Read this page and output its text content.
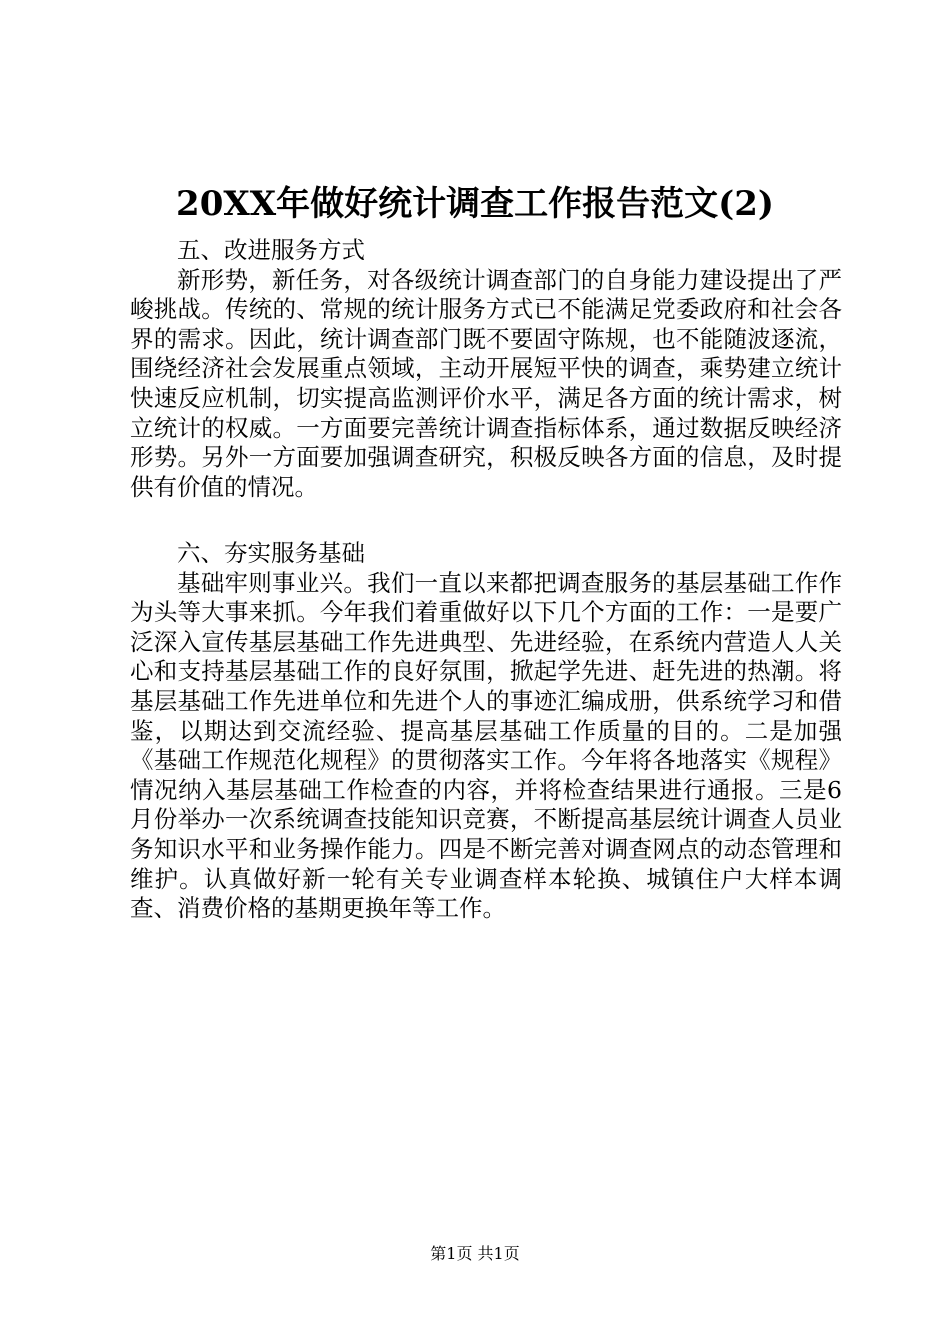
20XX年做好统计调查工作报告范文(2)

五、改进服务方式

新形势，新任务，对各级统计调查部门的自身能力建设提出了严峻挑战。传统的、常规的统计服务方式已不能满足党委政府和社会各界的需求。因此，统计调查部门既不要固守陈规，也不能随波逐流，围绕经济社会发展重点领域，主动开展短平快的调查，乘势建立统计快速反应机制，切实提高监测评价水平，满足各方面的统计需求，树立统计的权威。一方面要完善统计调查指标体系，通过数据反映经济形势。另外一方面要加强调查研究，积极反映各方面的信息，及时提供有价值的情况。

六、夯实服务基础

基础牢则事业兴。我们一直以来都把调查服务的基层基础工作作为头等大事来抓。今年我们着重做好以下几个方面的工作：一是要广泛深入宣传基层基础工作先进典型、先进经验，在系统内营造人人关心和支持基层基础工作的良好氛围，掀起学先进、赶先进的热潮。将基层基础工作先进单位和先进个人的事迹汇编成册，供系统学习和借鉴，以期达到交流经验、提高基层基础工作质量的目的。二是加强《基础工作规范化规程》的贯彻落实工作。今年将各地落实《规程》情况纳入基层基础工作检查的内容，并将检查结果进行通报。三是6月份举办一次系统调查技能知识竞赛，不断提高基层统计调查人员业务知识水平和业务操作能力。四是不断完善对调查网点的动态管理和维护。认真做好新一轮有关专业调查样本轮换、城镇住户大样本调查、消费价格的基期更换年等工作。

第1页 共1页
